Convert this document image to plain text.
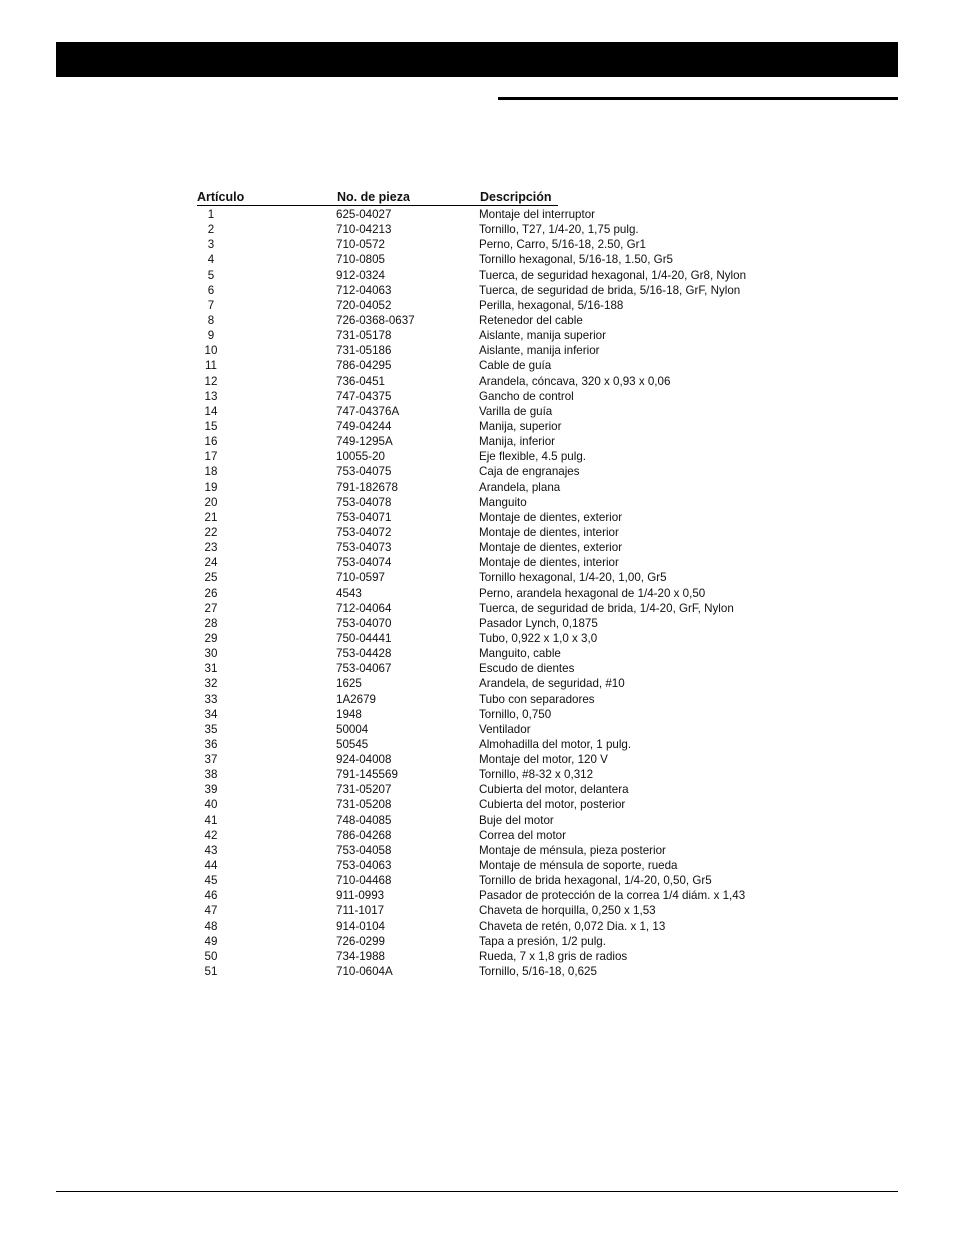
Artículo	No. de pieza	Descripción
1	625-04027	Montaje del interruptor
2	710-04213	Tornillo, T27, 1/4-20, 1,75 pulg.
3	710-0572	Perno, Carro, 5/16-18, 2.50, Gr1
4	710-0805	Tornillo hexagonal, 5/16-18, 1.50, Gr5
5	912-0324	Tuerca, de seguridad hexagonal, 1/4-20, Gr8, Nylon
6	712-04063	Tuerca, de seguridad de brida, 5/16-18, GrF, Nylon
7	720-04052	Perilla, hexagonal, 5/16-188
8	726-0368-0637	Retenedor del cable
9	731-05178	Aislante, manija superior
10	731-05186	Aislante, manija inferior
11	786-04295	Cable de guía
12	736-0451	Arandela, cóncava, 320 x 0,93 x 0,06
13	747-04375	Gancho de control
14	747-04376A	Varilla de guía
15	749-04244	Manija, superior
16	749-1295A	Manija, inferior
17	10055-20	Eje flexible, 4.5 pulg.
18	753-04075	Caja de engranajes
19	791-182678	Arandela, plana
20	753-04078	Manguito
21	753-04071	Montaje de dientes, exterior
22	753-04072	Montaje de dientes, interior
23	753-04073	Montaje de dientes, exterior
24	753-04074	Montaje de dientes, interior
25	710-0597	Tornillo hexagonal, 1/4-20, 1,00, Gr5
26	4543	Perno, arandela hexagonal de 1/4-20 x 0,50
27	712-04064	Tuerca, de seguridad de brida, 1/4-20, GrF, Nylon
28	753-04070	Pasador Lynch, 0,1875
29	750-04441	Tubo, 0,922 x 1,0 x 3,0
30	753-04428	Manguito, cable
31	753-04067	Escudo de dientes
32	1625	Arandela, de seguridad, #10
33	1A2679	Tubo con separadores
34	1948	Tornillo, 0,750
35	50004	Ventilador
36	50545	Almohadilla del motor, 1 pulg.
37	924-04008	Montaje del motor, 120 V
38	791-145569	Tornillo, #8-32 x 0,312
39	731-05207	Cubierta del motor, delantera
40	731-05208	Cubierta del motor, posterior
41	748-04085	Buje del motor
42	786-04268	Correa del motor
43	753-04058	Montaje de ménsula, pieza posterior
44	753-04063	Montaje de ménsula de soporte, rueda
45	710-04468	Tornillo de brida hexagonal, 1/4-20, 0,50, Gr5
46	911-0993	Pasador de protección de la correa 1/4 diám. x 1,43
47	711-1017	Chaveta de horquilla, 0,250 x 1,53
48	914-0104	Chaveta de retén, 0,072 Dia. x 1, 13
49	726-0299	Tapa a presión, 1/2 pulg.
50	734-1988	Rueda, 7 x 1,8 gris de radios
51	710-0604A	Tornillo, 5/16-18, 0,625
